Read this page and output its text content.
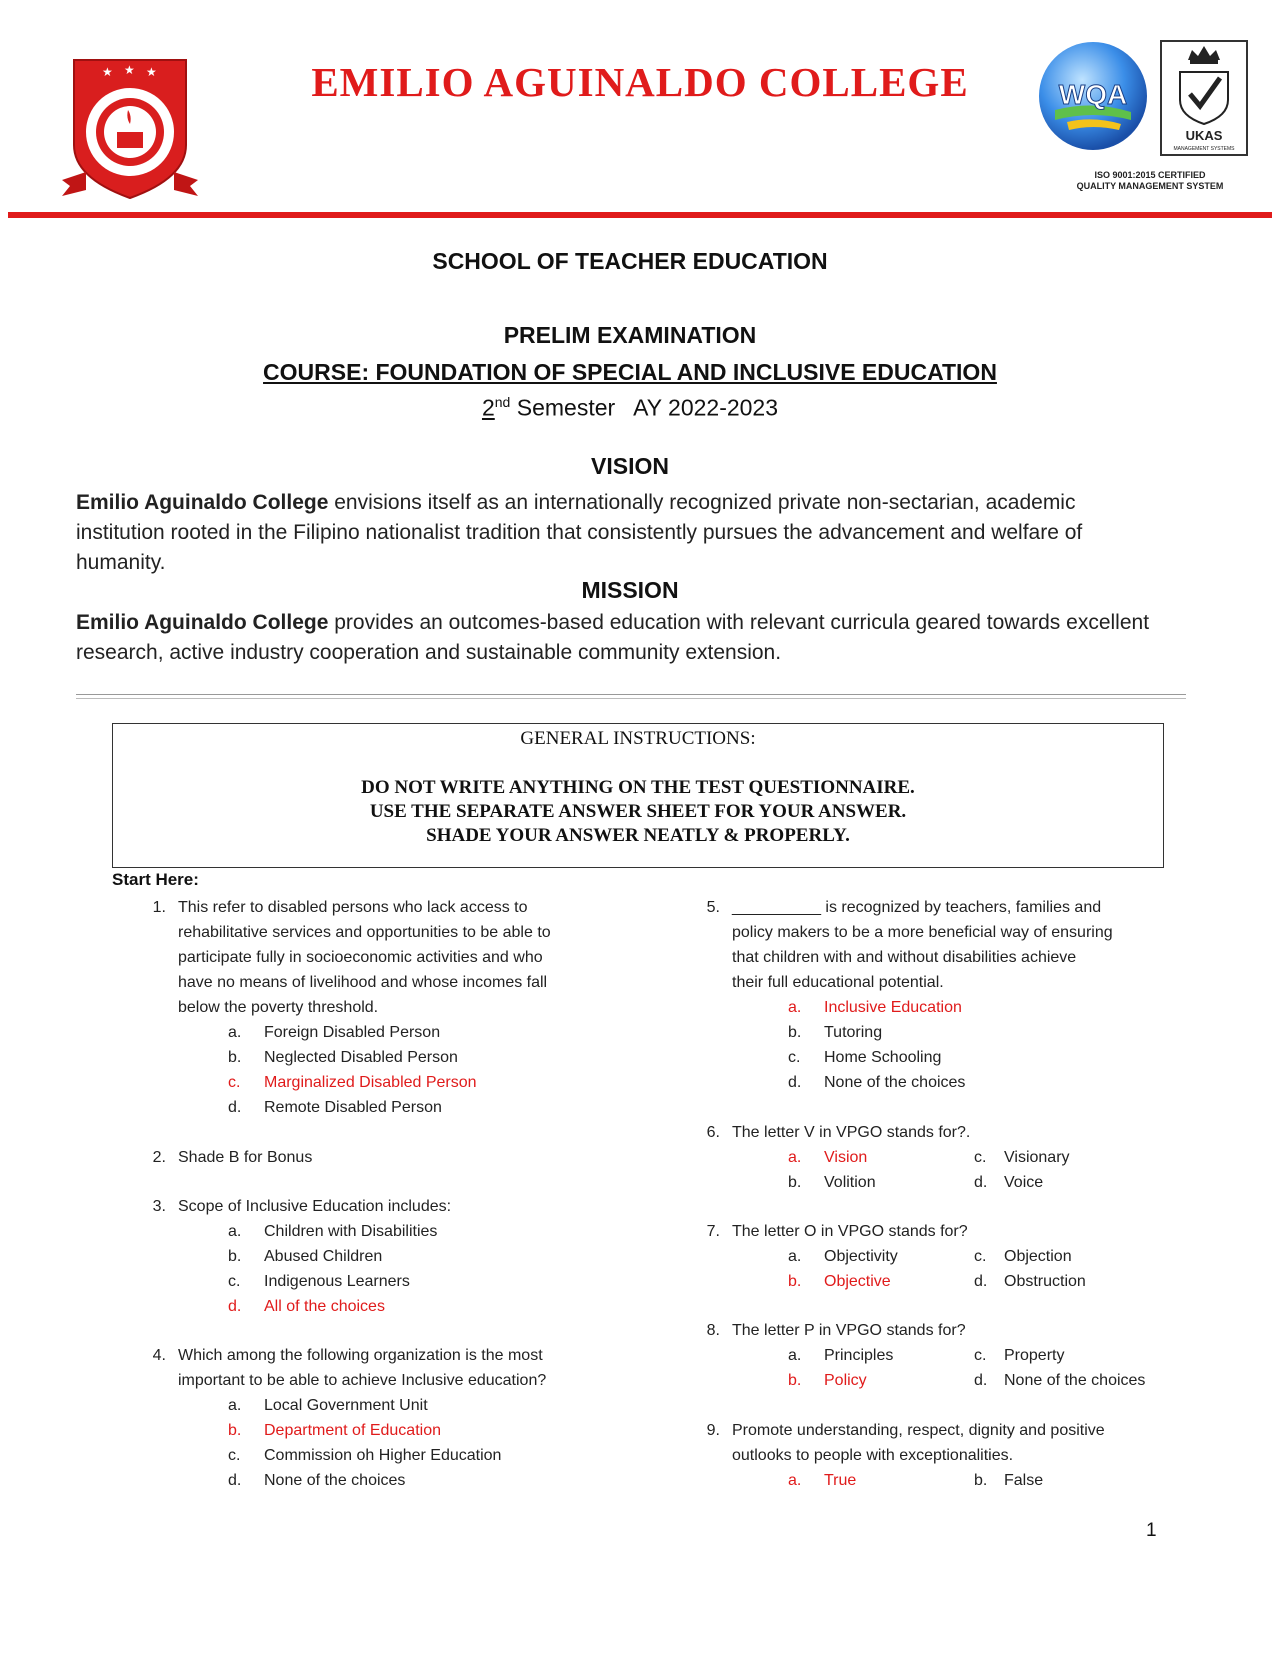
★ ★ ★	EMILIO AGUINALDO COLLEGE	WQA
UKAS
MANAGEMENT SYSTEMS
ISO 9001:2015 CERTIFIED
QUALITY MANAGEMENT SYSTEM
SCHOOL OF TEACHER EDUCATION
PRELIM EXAMINATION
COURSE: FOUNDATION OF SPECIAL AND INCLUSIVE EDUCATION
2nd Semester AY 2022-2023
VISION
Emilio Aguinaldo College envisions itself as an internationally recognized private non-sectarian, academic institution rooted in the Filipino nationalist tradition that consistently pursues the advancement and welfare of humanity.
MISSION
Emilio Aguinaldo College provides an outcomes-based education with relevant curricula geared towards excellent research, active industry cooperation and sustainable community extension.
GENERAL INSTRUCTIONS:
DO NOT WRITE ANYTHING ON THE TEST QUESTIONNAIRE.
USE THE SEPARATE ANSWER SHEET FOR YOUR ANSWER.
SHADE YOUR ANSWER NEATLY & PROPERLY.
Start Here:
1. This refer to disabled persons who lack access to
rehabilitative services and opportunities to be able to
participate fully in socioeconomic activities and who
have no means of livelihood and whose incomes fall
below the poverty threshold.
a. Foreign Disabled Person
b. Neglected Disabled Person
c. Marginalized Disabled Person
d. Remote Disabled Person
2. Shade B for Bonus
3. Scope of Inclusive Education includes:
a. Children with Disabilities
b. Abused Children
c. Indigenous Learners
d. All of the choices
4. Which among the following organization is the most
important to be able to achieve Inclusive education?
a. Local Government Unit
b. Department of Education
c. Commission oh Higher Education
d. None of the choices
5. __________ is recognized by teachers, families and
policy makers to be a more beneficial way of ensuring
that children with and without disabilities achieve
their full educational potential.
a. Inclusive Education
b. Tutoring
c. Home Schooling
d. None of the choices
6. The letter V in VPGO stands for?.
a. Vision	c. Visionary
b. Volition	d. Voice
7. The letter O in VPGO stands for?
a. Objectivity	c. Objection
b. Objective	d. Obstruction
8. The letter P in VPGO stands for?
a. Principles	c. Property
b. Policy	d. None of the choices
9. Promote understanding, respect, dignity and positive
outlooks to people with exceptionalities.
a. True	b. False
1
